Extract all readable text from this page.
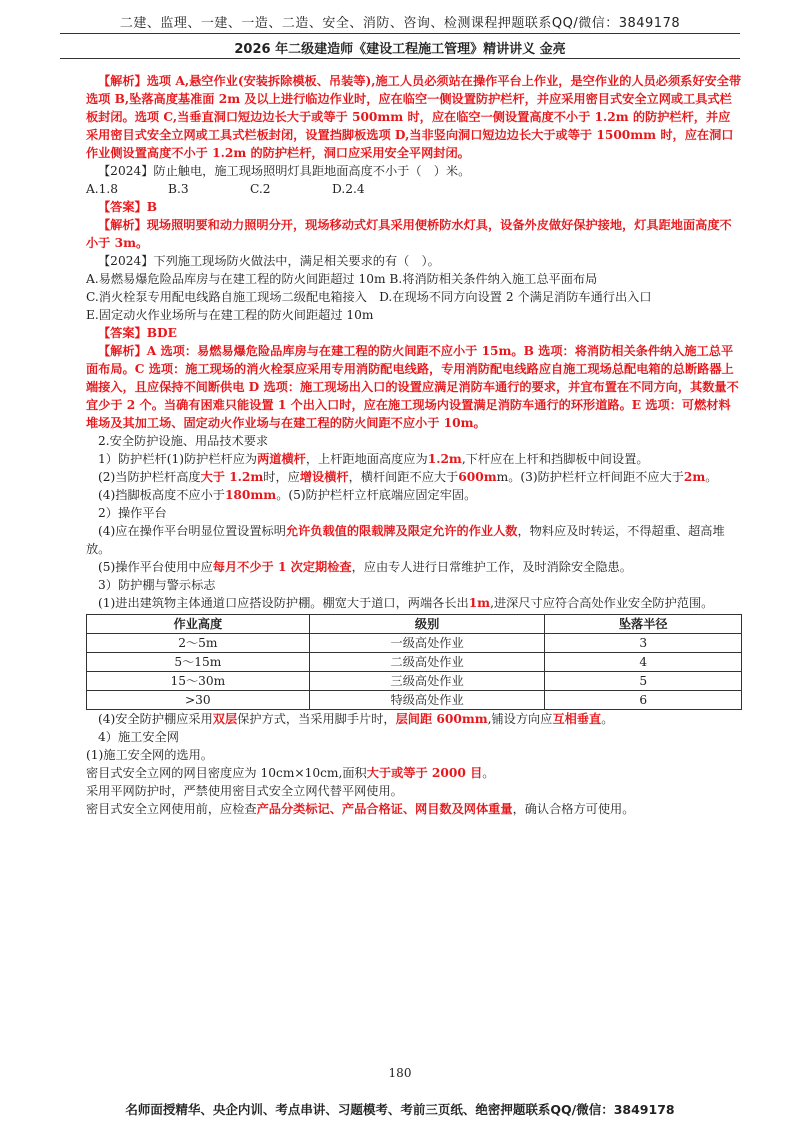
二建、监理、一建、一造、二造、安全、消防、咨询、检测课程押题联系QQ/微信：3849178
2026 年二级建造师《建设工程施工管理》精讲讲义 金亮

【解析】选项 A,悬空作业(安装拆除模板、吊装等),施工人员必须站在操作平台上作业，是空作业的人员必须系好安全带选项 B,坠落高度基准面 2m 及以上进行临边作业时，应在临空一侧设置防护栏杆，并应采用密目式安全立网或工具式栏板封闭。选项 C,当垂直洞口短边边长大于或等于 500mm 时，应在临空一侧设置高度不小于 1.2m 的防护栏杆，并应采用密目式安全立网或工具式栏板封闭，设置挡脚板选项 D,当非竖向洞口短边边长大于或等于 1500mm 时，应在洞口作业侧设置高度不小于 1.2m 的防护栏杆，洞口应采用安全平网封闭。

【2024】防止触电，施工现场照明灯具距地面高度不小于（　）米。

A.1.8	B.3	C.2	D.2.4

【答案】B

【解析】现场照明要和动力照明分开，现场移动式灯具采用便桥防水灯具，设备外皮做好保护接地，灯具距地面高度不小于 3m。

【2024】下列施工现场防火做法中，满足相关要求的有（　）。

A.易燃易爆危险品库房与在建工程的防火间距超过 10m B.将消防相关条件纳入施工总平面布局

C.消火栓泵专用配电线路自施工现场二级配电箱接入　D.在现场不同方向设置 2 个满足消防车通行出入口

E.固定动火作业场所与在建工程的防火间距超过 10m

【答案】BDE

【解析】A 选项：易燃易爆危险品库房与在建工程的防火间距不应小于 15m。B 选项：将消防相关条件纳入施工总平面布局。C 选项：施工现场的消火栓泵应采用专用消防配电线路，专用消防配电线路应自施工现场总配电箱的总断路器上端接入，且应保持不间断供电 D 选项：施工现场出入口的设置应满足消防车通行的要求，并宜布置在不同方向，其数量不宜少于 2 个。当确有困难只能设置 1 个出入口时，应在施工现场内设置满足消防车通行的环形道路。E 选项：可燃材料堆场及其加工场、固定动火作业场与在建工程的防火间距不应小于 10m。

2.安全防护设施、用品技术要求

1）防护栏杆(1)防护栏杆应为两道横杆，上杆距地面高度应为1.2m,下杆应在上杆和挡脚板中间设置。

(2)当防护栏杆高度大于 1.2m时，应增设横杆，横杆间距不应大于600mm。(3)防护栏杆立杆间距不应大于2m。

(4)挡脚板高度不应小于180mm。(5)防护栏杆立杆底端应固定牢固。

2）操作平台

(4)应在操作平台明显位置设置标明允许负载值的限载牌及限定允许的作业人数，物料应及时转运，不得超重、超高堆放。

(5)操作平台使用中应每月不少于 1 次定期检查，应由专人进行日常维护工作，及时消除安全隐患。

3）防护棚与警示标志

(1)进出建筑物主体通道口应搭设防护棚。棚宽大于道口，两端各长出1m,进深尺寸应符合高处作业安全防护范围。

作业高度	级别	坠落半径
2～5m	一级高处作业	3
5～15m	二级高处作业	4
15～30m	三级高处作业	5
>30	特级高处作业	6

(4)安全防护棚应采用双层保护方式，当采用脚手片时，层间距 600mm,铺设方向应互相垂直。

4）施工安全网

(1)施工安全网的选用。

密目式安全立网的网目密度应为 10cm×10cm,面积大于或等于 2000 目。

采用平网防护时，严禁使用密目式安全立网代替平网使用。

密目式安全立网使用前，应检查产品分类标记、产品合格证、网目数及网体重量，确认合格方可使用。

180
名师面授精华、央企内训、考点串讲、习题模考、考前三页纸、绝密押题联系QQ/微信：3849178
